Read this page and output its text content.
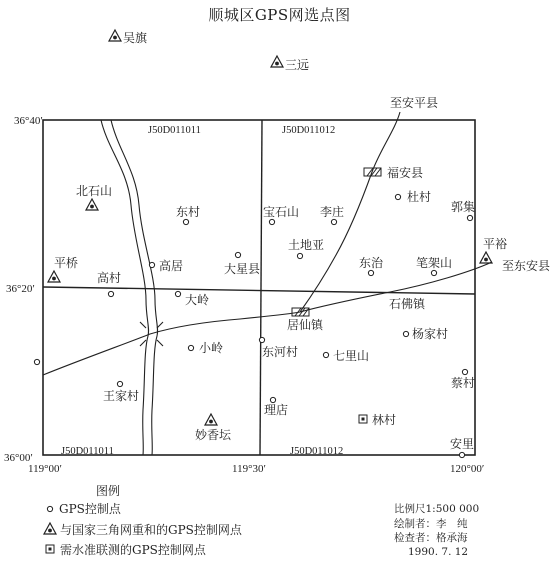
顺城区GPS网选点图
36°40′
36°20′
36°00′
119°00′	119°30′	120°00′
J50D011011	J50D011012
J50D011011	J50D011012
吴旗
三远
至安平县
福安县
杜村
郭集
北石山
东村	宝石山 李庄
土地亚
东治	笔架山
平裕
至东安县
平桥
高村
高居	大星县
大岭	石佛镇
居仙镇
杨家村
小岭	东河村	七里山
蔡村
王家村
理店
妙香坛
林村
安里
图例
GPS控制点
与国家三角网重和的GPS控制网点
需水准联测的GPS控制网点
比例尺1:500 000
绘制者：李　纯
检查者：格承海
1990. 7. 12
